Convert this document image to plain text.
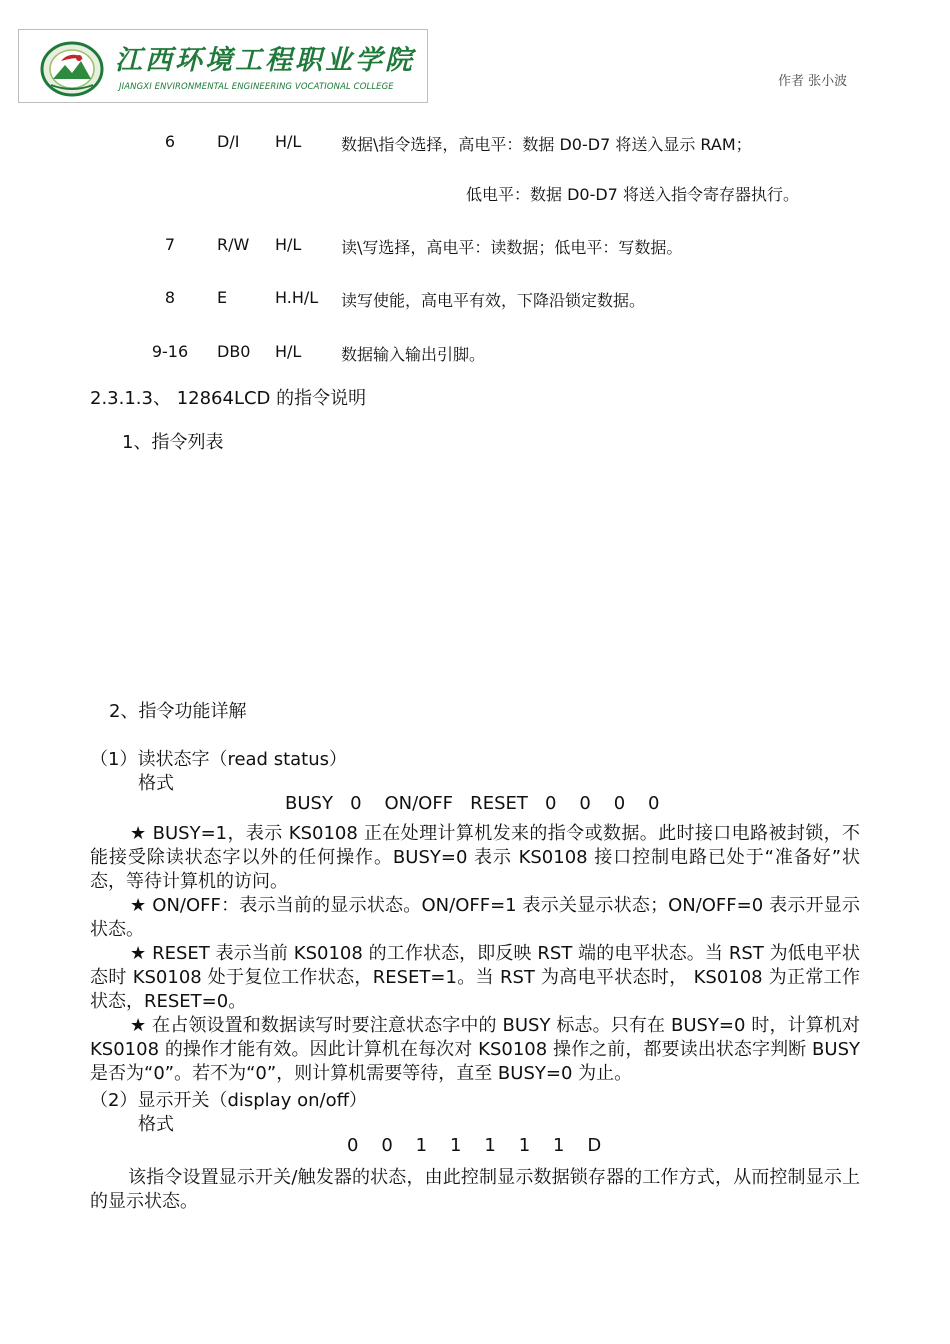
江西环境工程职业学院
JIANGXI ENVIRONMENTAL ENGINEERING VOCATIONAL COLLEGE	作者 张小波
6	D/I H/L 数据\指令选择，高电平：数据 D0-D7 将送入显示 RAM；
低电平：数据 D0-D7 将送入指令寄存器执行。
7	R/W H/L 读\写选择，高电平：读数据；低电平：写数据。
8	E	H.H/L 读写使能，高电平有效，下降沿锁定数据。
9-16 DB0 H/L 数据输入输出引脚。
2.3.1.3、 12864LCD 的指令说明
1、指令列表
2、指令功能详解
（1）读状态字（read status）
格式
BUSY   0    ON/OFF   RESET   0    0    0    0
★ BUSY=1，表示 KS0108 正在处理计算机发来的指令或数据。此时接口电路被封锁，不能接受除读状态字以外的任何操作。BUSY=0 表示 KS0108 接口控制电路已处于“准备好”状态，等待计算机的访问。
★ ON/OFF：表示当前的显示状态。ON/OFF=1 表示关显示状态；ON/OFF=0 表示开显示状态。
★ RESET 表示当前 KS0108 的工作状态，即反映 RST 端的电平状态。当 RST 为低电平状态时 KS0108 处于复位工作状态，RESET=1。当 RST 为高电平状态时， KS0108 为正常工作状态，RESET=0。
★ 在占领设置和数据读写时要注意状态字中的 BUSY 标志。只有在 BUSY=0 时，计算机对 KS0108 的操作才能有效。因此计算机在每次对 KS0108 操作之前，都要读出状态字判断 BUSY 是否为“0”。若不为“0”，则计算机需要等待，直至 BUSY=0 为止。
（2）显示开关（display on/off）
格式
0    0    1    1    1    1    1    D
该指令设置显示开关/触发器的状态，由此控制显示数据锁存器的工作方式，从而控制显示上的显示状态。
